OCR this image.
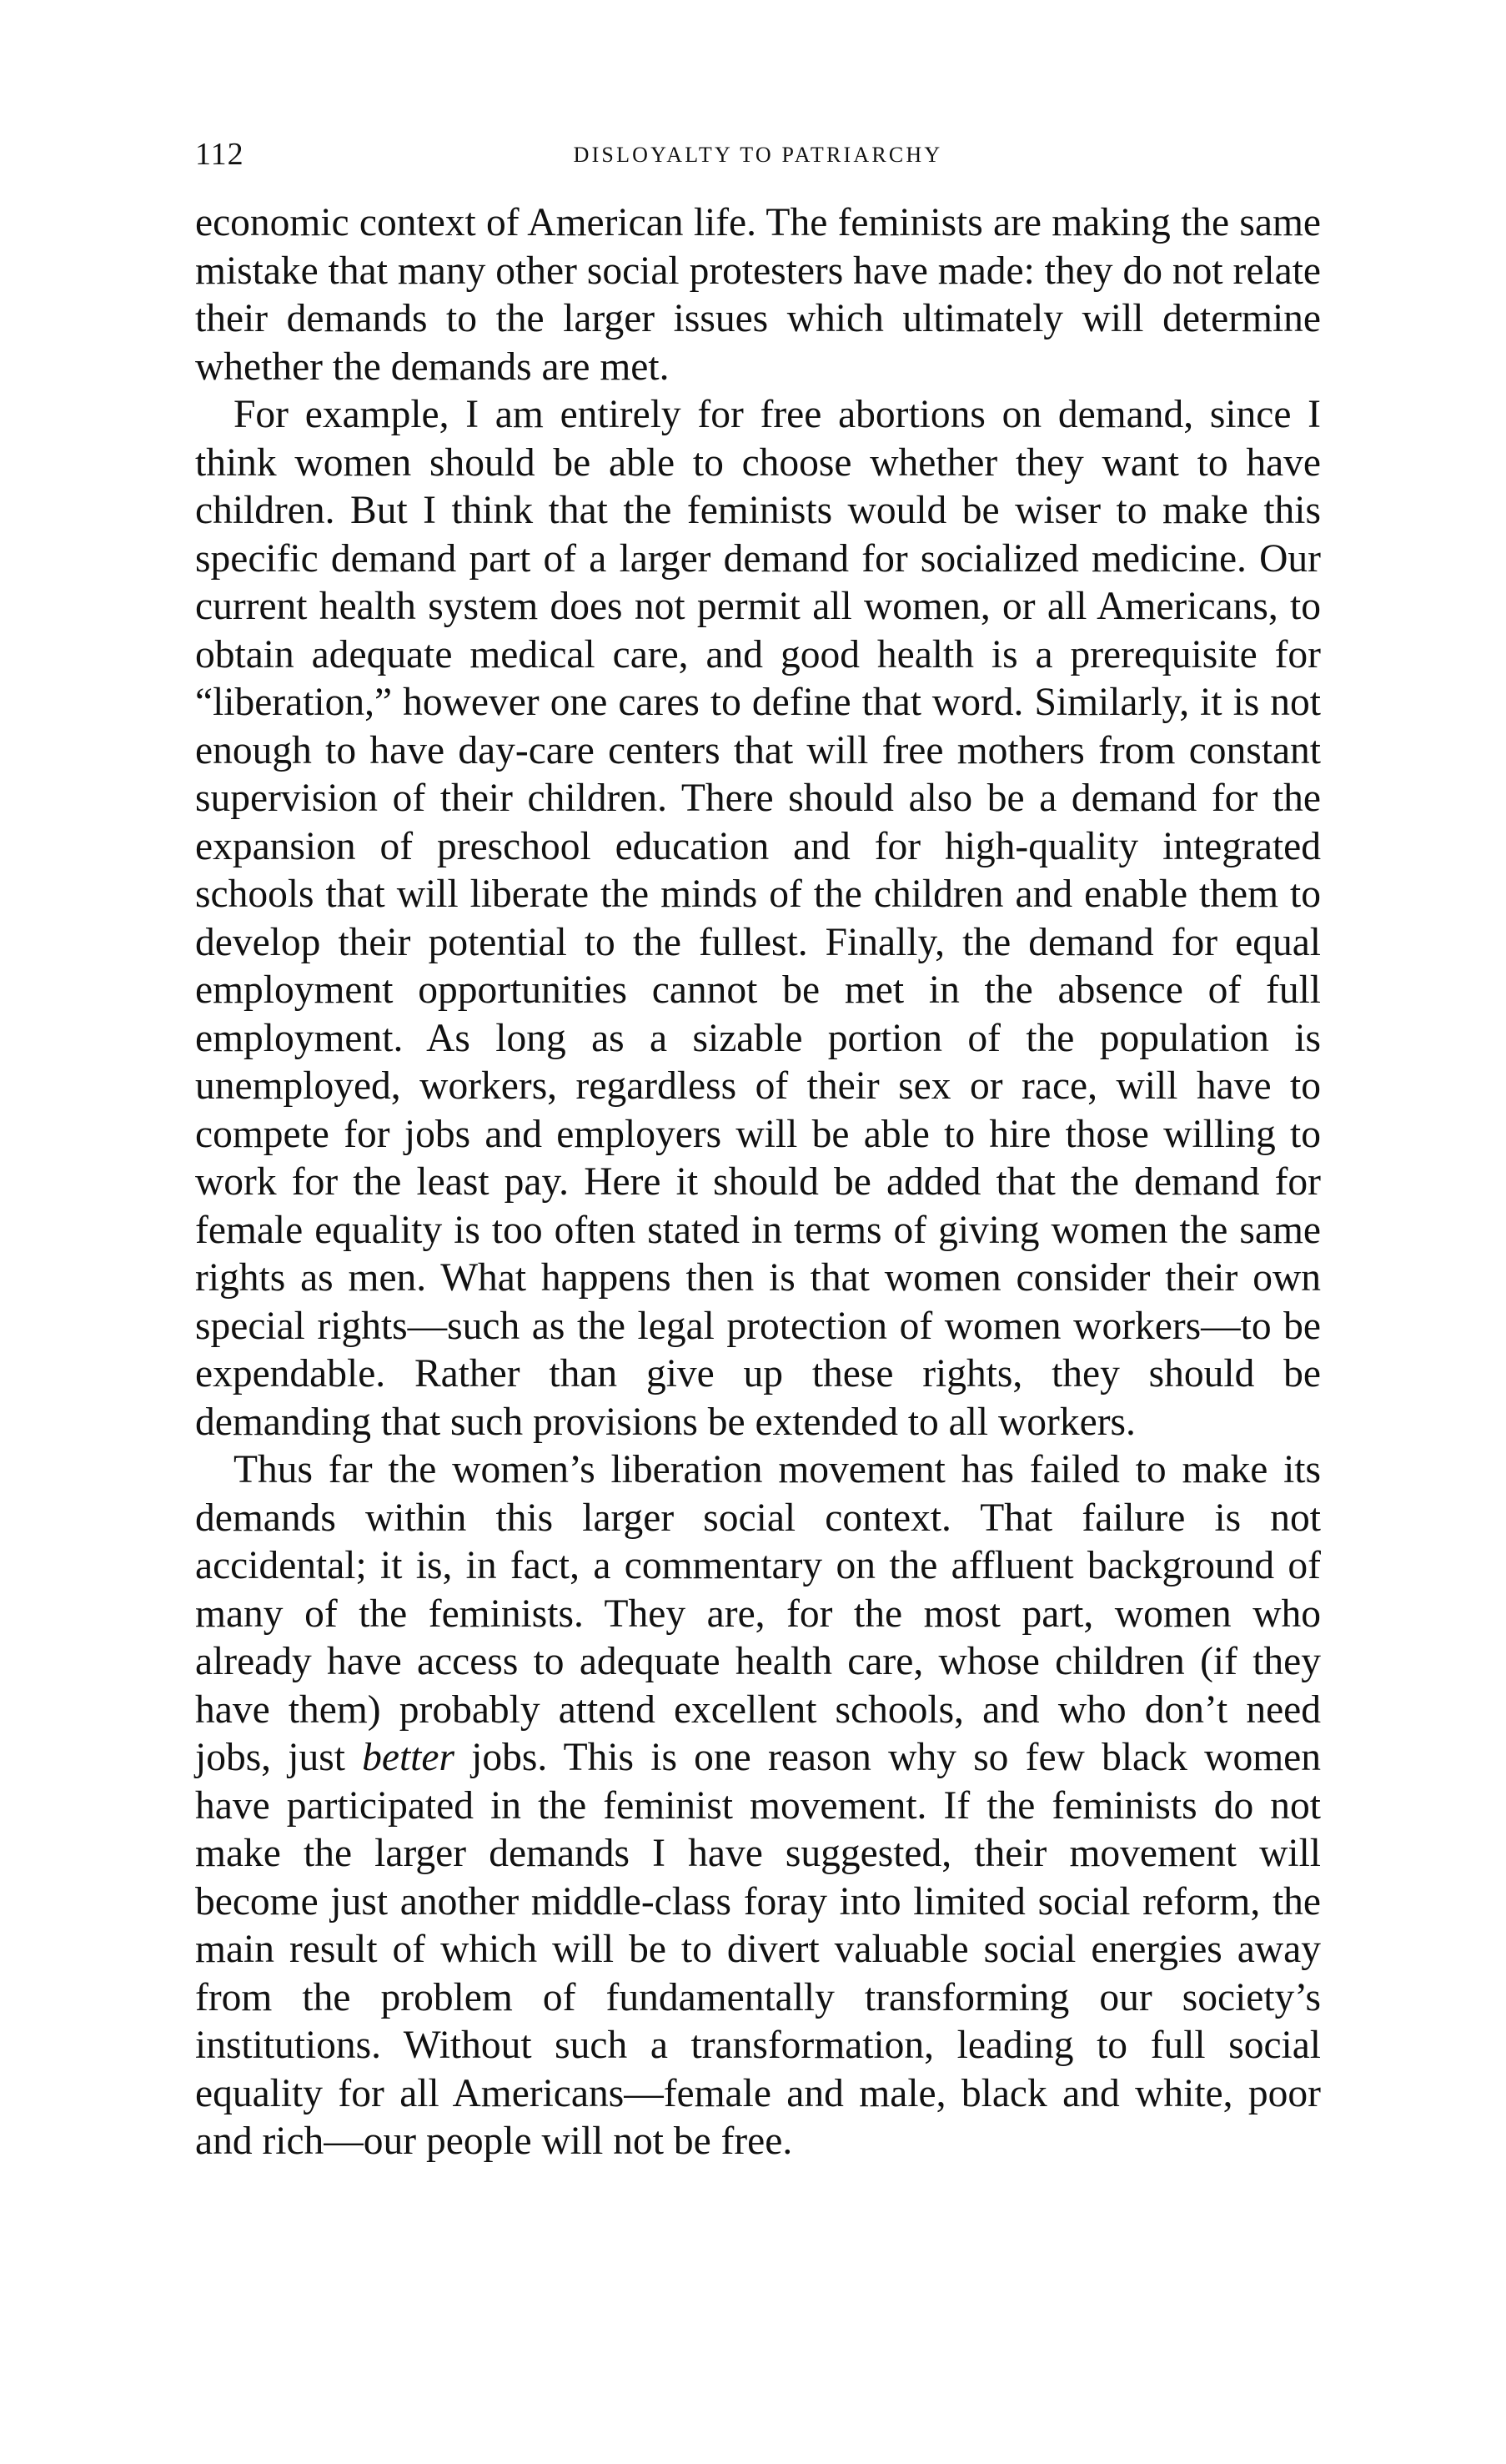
112	DISLOYALTY TO PATRIARCHY

economic context of American life. The feminists are making the same mistake that many other social protesters have made: they do not relate their demands to the larger issues which ultimately will determine whether the demands are met.

For example, I am entirely for free abortions on demand, since I think women should be able to choose whether they want to have children. But I think that the feminists would be wiser to make this specific demand part of a larger demand for socialized medicine. Our current health system does not permit all women, or all Americans, to obtain adequate medical care, and good health is a prerequisite for “liberation,” however one cares to define that word. Similarly, it is not enough to have day-care centers that will free mothers from constant supervision of their children. There should also be a demand for the expansion of preschool education and for high-quality integrated schools that will liberate the minds of the children and enable them to develop their potential to the fullest. Finally, the demand for equal employment opportunities cannot be met in the absence of full employment. As long as a sizable portion of the population is unemployed, workers, regardless of their sex or race, will have to compete for jobs and employers will be able to hire those willing to work for the least pay. Here it should be added that the demand for female equality is too often stated in terms of giving women the same rights as men. What happens then is that women consider their own special rights—such as the legal protection of women workers—to be expendable. Rather than give up these rights, they should be demanding that such provisions be extended to all workers.

Thus far the women’s liberation movement has failed to make its demands within this larger social context. That failure is not accidental; it is, in fact, a commentary on the affluent background of many of the feminists. They are, for the most part, women who already have access to adequate health care, whose children (if they have them) probably attend excellent schools, and who don’t need jobs, just better jobs. This is one reason why so few black women have participated in the feminist movement. If the feminists do not make the larger demands I have suggested, their movement will become just another middle-class foray into limited social reform, the main result of which will be to divert valuable social energies away from the problem of fundamentally transforming our society’s institutions. Without such a transformation, leading to full social equality for all Americans—female and male, black and white, poor and rich—our people will not be free.
